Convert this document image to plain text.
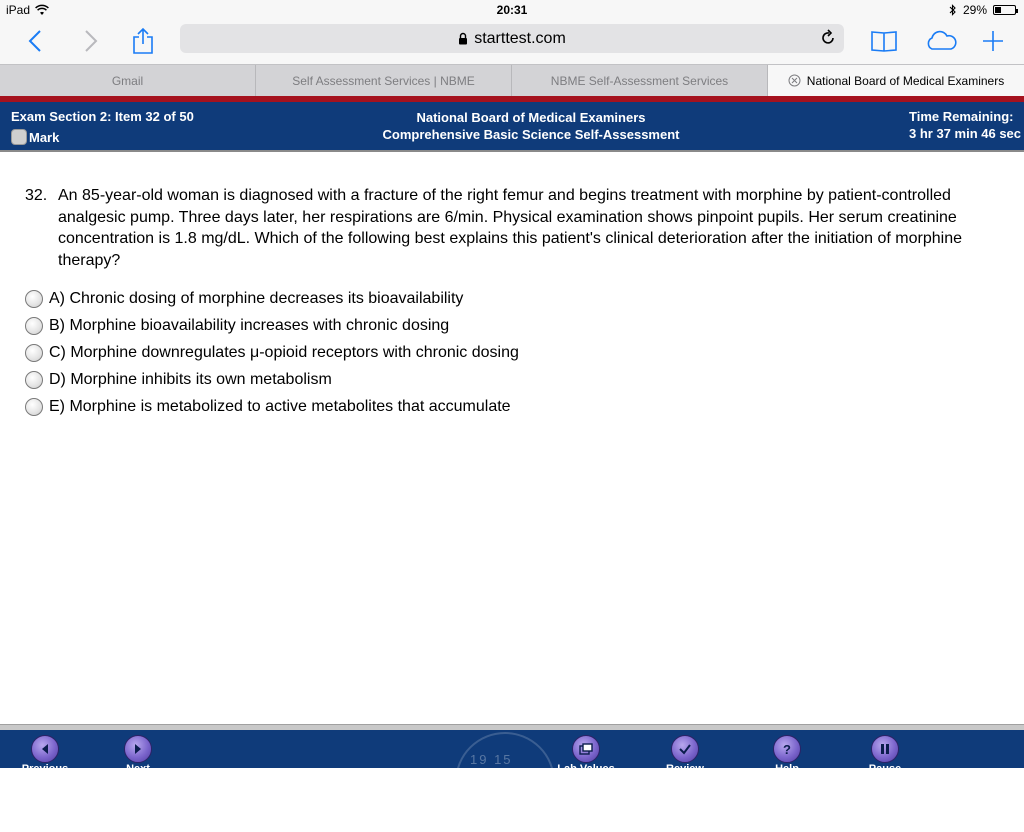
iPad	20:31	29%
starttest.com
Gmail	Self Assessment Services | NBME	NBME Self-Assessment Services	National Board of Medical Examiners
Exam Section 2: Item 32 of 50
Mark
National Board of Medical Examiners
Comprehensive Basic Science Self-Assessment
Time Remaining:
3 hr 37 min 46 sec
32. An 85-year-old woman is diagnosed with a fracture of the right femur and begins treatment with morphine by patient-controlled analgesic pump. Three days later, her respirations are 6/min. Physical examination shows pinpoint pupils. Her serum creatinine concentration is 1.8 mg/dL. Which of the following best explains this patient's clinical deterioration after the initiation of morphine therapy?
A) Chronic dosing of morphine decreases its bioavailability
B) Morphine bioavailability increases with chronic dosing
C) Morphine downregulates μ-opioid receptors with chronic dosing
D) Morphine inhibits its own metabolism
E) Morphine is metabolized to active metabolites that accumulate
19 15
Previous	Next	Lab Values	Review
?
Help	Pause
